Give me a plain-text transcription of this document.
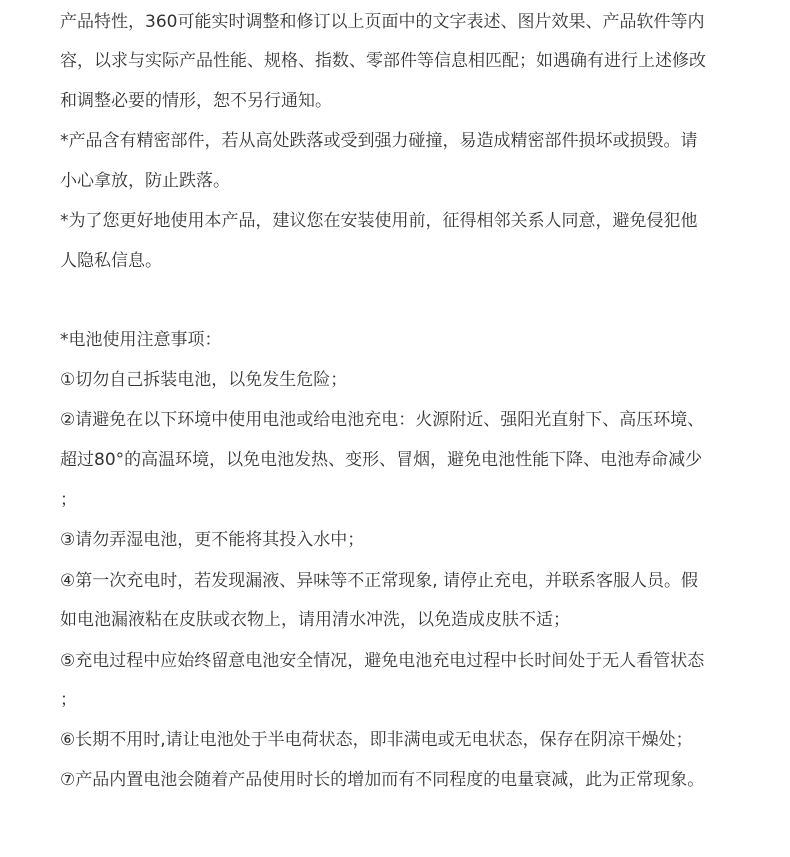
产品特性，360可能实时调整和修订以上页面中的文字表述、图片效果、产品软件等内
容，以求与实际产品性能、规格、指数、零部件等信息相匹配；如遇确有进行上述修改
和调整必要的情形，恕不另行通知。
*产品含有精密部件，若从高处跌落或受到强力碰撞，易造成精密部件损坏或损毁。请
小心拿放，防止跌落。
*为了您更好地使用本产品，建议您在安装使用前，征得相邻关系人同意，避免侵犯他
人隐私信息。
*电池使用注意事项：
①切勿自己拆装电池，以免发生危险；
②请避免在以下环境中使用电池或给电池充电：火源附近、强阳光直射下、高压环境、
超过80°的高温环境，以免电池发热、变形、冒烟，避免电池性能下降、电池寿命减少
；
③请勿弄湿电池，更不能将其投入水中；
④第一次充电时，若发现漏液、异味等不正常现象, 请停止充电，并联系客服人员。假
如电池漏液粘在皮肤或衣物上，请用清水冲洗，以免造成皮肤不适；
⑤充电过程中应始终留意电池安全情况，避免电池充电过程中长时间处于无人看管状态
；
⑥长期不用时,请让电池处于半电荷状态，即非满电或无电状态，保存在阴凉干燥处；
⑦产品内置电池会随着产品使用时长的增加而有不同程度的电量衰减，此为正常现象。
